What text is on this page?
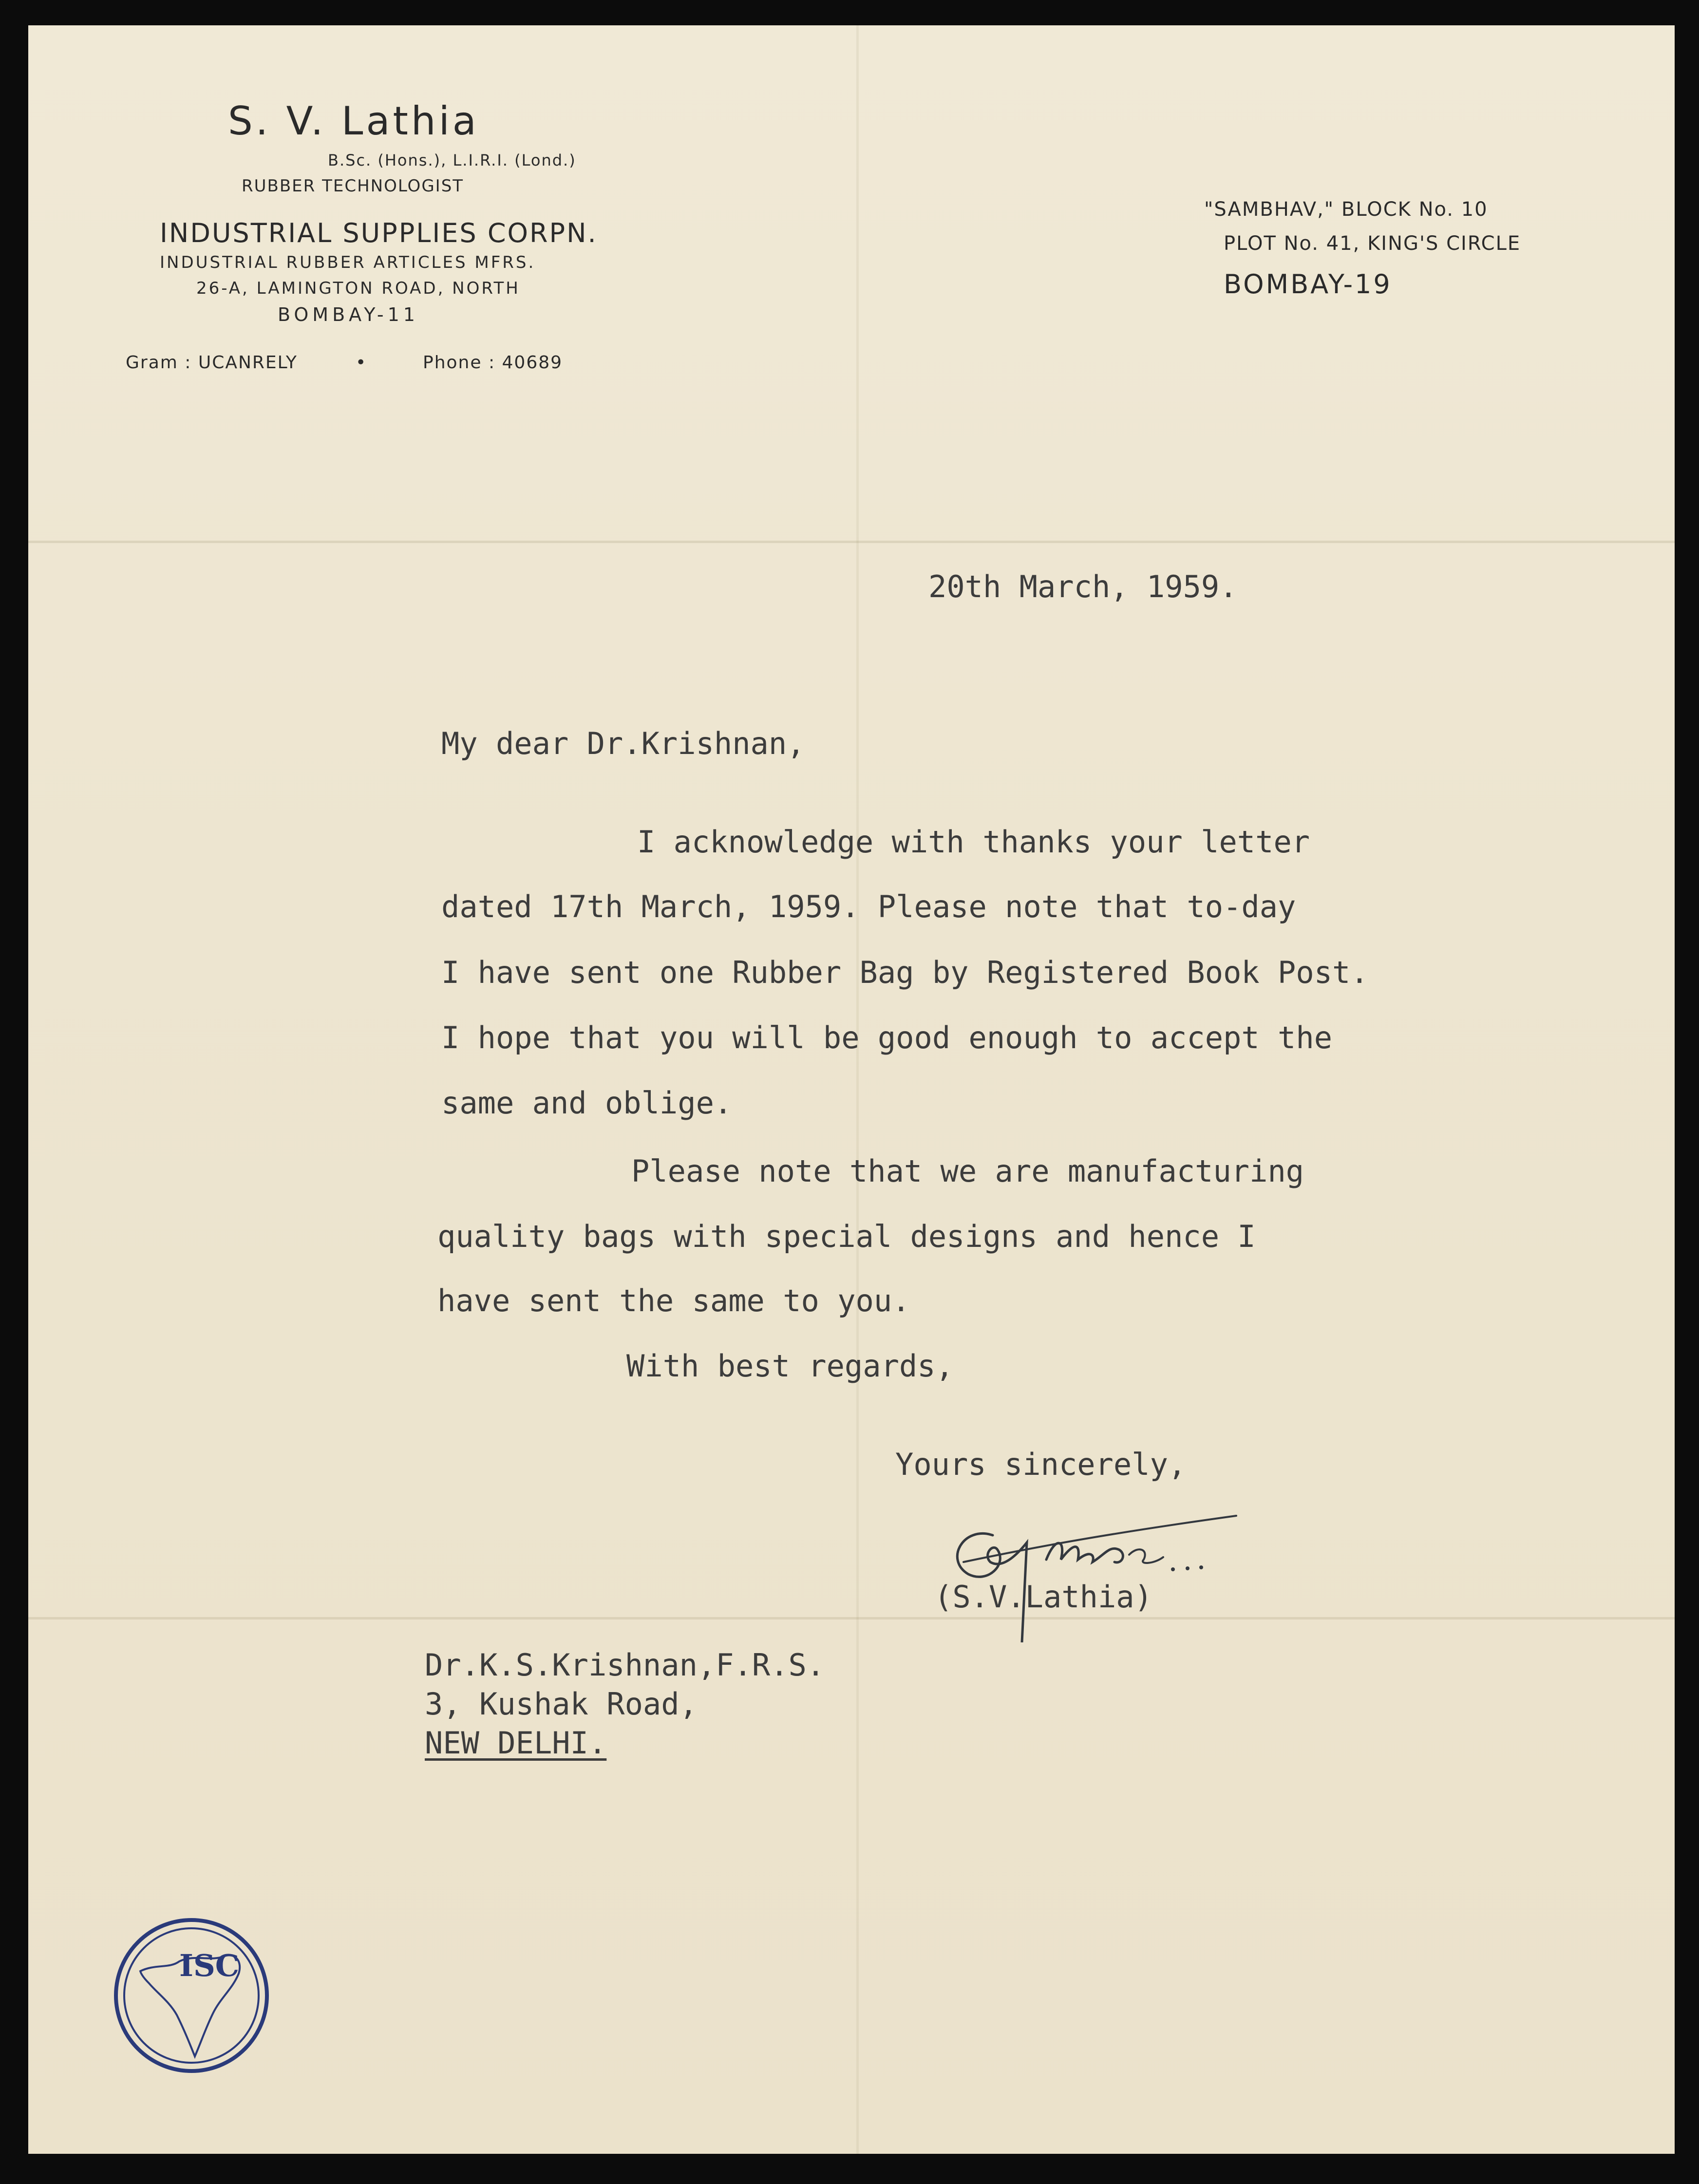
S. V. Lathia
B.Sc. (Hons.), L.I.R.I. (Lond.)
RUBBER TECHNOLOGIST
INDUSTRIAL SUPPLIES CORPN.
INDUSTRIAL RUBBER ARTICLES MFRS.
26-A, LAMINGTON ROAD, NORTH
BOMBAY-11
Gram : UCANRELY	•	Phone : 40689
"SAMBHAV," BLOCK No. 10
PLOT No. 41, KING'S CIRCLE
BOMBAY-19
20th March, 1959.
My dear Dr.Krishnan,
I acknowledge with thanks your letter
dated 17th March, 1959. Please note that to-day
I have sent one Rubber Bag by Registered Book Post.
I hope that you will be good enough to accept the
same and oblige.
Please note that we are manufacturing
quality bags with special designs and hence I
have sent the same to you.
With best regards,
Yours sincerely,
(S.V.Lathia)
Dr.K.S.Krishnan,F.R.S.
3, Kushak Road,
NEW DELHI.
ISC
